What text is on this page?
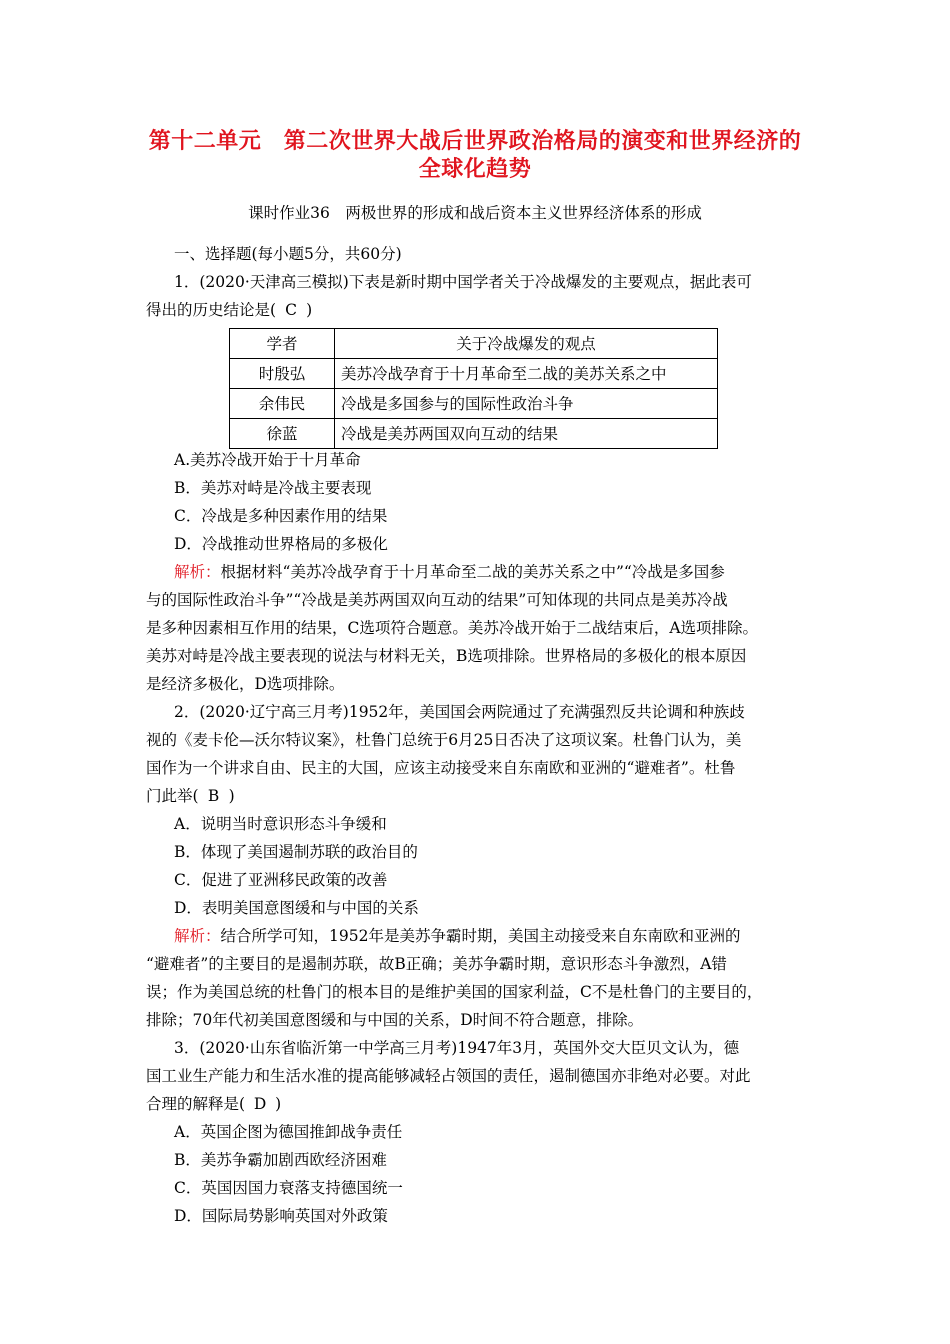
第十二单元　第二次世界大战后世界政治格局的演变和世界经济的
全球化趋势
课时作业36　两极世界的形成和战后资本主义世界经济体系的形成
一、选择题(每小题5分，共60分)
1．(2020·天津高三模拟)下表是新时期中国学者关于冷战爆发的主要观点，据此表可
得出的历史结论是( C )
学者	关于冷战爆发的观点
时殷弘	美苏冷战孕育于十月革命至二战的美苏关系之中
余伟民	冷战是多国参与的国际性政治斗争
徐蓝	冷战是美苏两国双向互动的结果
A.美苏冷战开始于十月革命
B．美苏对峙是冷战主要表现
C．冷战是多种因素作用的结果
D．冷战推动世界格局的多极化
解析：根据材料“美苏冷战孕育于十月革命至二战的美苏关系之中”“冷战是多国参
与的国际性政治斗争”“冷战是美苏两国双向互动的结果”可知体现的共同点是美苏冷战
是多种因素相互作用的结果，C选项符合题意。美苏冷战开始于二战结束后，A选项排除。
美苏对峙是冷战主要表现的说法与材料无关，B选项排除。世界格局的多极化的根本原因
是经济多极化，D选项排除。
2．(2020·辽宁高三月考)1952年，美国国会两院通过了充满强烈反共论调和种族歧
视的《麦卡伦—沃尔特议案》，杜鲁门总统于6月25日否决了这项议案。杜鲁门认为，美
国作为一个讲求自由、民主的大国，应该主动接受来自东南欧和亚洲的“避难者”。杜鲁
门此举( B )
A．说明当时意识形态斗争缓和
B．体现了美国遏制苏联的政治目的
C．促进了亚洲移民政策的改善
D．表明美国意图缓和与中国的关系
解析：结合所学可知，1952年是美苏争霸时期，美国主动接受来自东南欧和亚洲的
“避难者”的主要目的是遏制苏联，故B正确；美苏争霸时期，意识形态斗争激烈，A错
误；作为美国总统的杜鲁门的根本目的是维护美国的国家利益，C不是杜鲁门的主要目的，
排除；70年代初美国意图缓和与中国的关系，D时间不符合题意，排除。
3．(2020·山东省临沂第一中学高三月考)1947年3月，英国外交大臣贝文认为，德
国工业生产能力和生活水准的提高能够减轻占领国的责任，遏制德国亦非绝对必要。对此
合理的解释是( D )
A．英国企图为德国推卸战争责任
B．美苏争霸加剧西欧经济困难
C．英国因国力衰落支持德国统一
D．国际局势影响英国对外政策
